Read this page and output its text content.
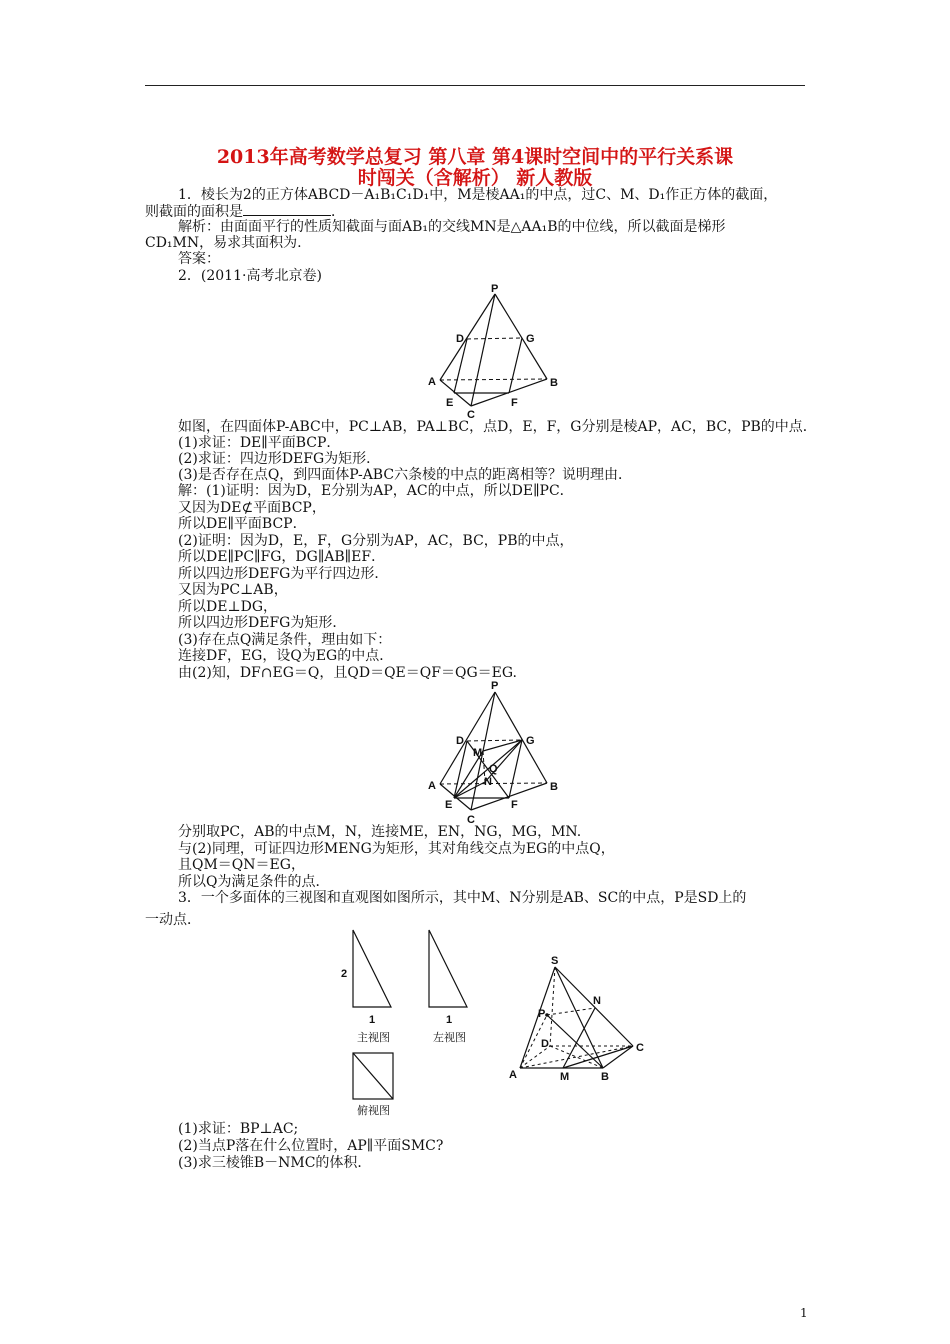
2013年高考数学总复习 第八章 第4课时空间中的平行关系课
时闯关（含解析） 新人教版
1．棱长为2的正方体ABCD－A₁B₁C₁D₁中，M是棱AA₁的中点，过C、M、D₁作正方体的截面，
则截面的面积是	．
解析：由面面平行的性质知截面与面AB₁的交线MN是△AA₁B的中位线，所以截面是梯形
CD₁MN，易求其面积为.
答案：
2．(2011·高考北京卷)
P
D	G
A	B
E	F
C
如图，在四面体P-ABC中，PC⊥AB，PA⊥BC，点D，E，F，G分别是棱AP，AC，BC，PB的中点．
(1)求证：DE∥平面BCP．
(2)求证：四边形DEFG为矩形．
(3)是否存在点Q，到四面体P-ABC六条棱的中点的距离相等？说明理由．
解：(1)证明：因为D，E分别为AP，AC的中点，所以DE∥PC．
又因为DE⊄平面BCP，
所以DE∥平面BCP．
(2)证明：因为D，E，F，G分别为AP，AC，BC，PB的中点，
所以DE∥PC∥FG，DG∥AB∥EF．
所以四边形DEFG为平行四边形．
又因为PC⊥AB，
所以DE⊥DG，
所以四边形DEFG为矩形．
(3)存在点Q满足条件，理由如下：
连接DF，EG，设Q为EG的中点．
由(2)知，DF∩EG＝Q，且QD＝QE＝QF＝QG＝EG.
P
D	G
M
Q
N
A	B
E	F
C
分别取PC，AB的中点M，N，连接ME，EN，NG，MG，MN.
与(2)同理，可证四边形MENG为矩形，其对角线交点为EG的中点Q，
且QM＝QN＝EG，
所以Q为满足条件的点．
3．一个多面体的三视图和直观图如图所示，其中M、N分别是AB、SC的中点，P是SD上的
一动点．
2
1
主视图
1
左视图
俯视图
S
N
P
D	C
A	M	B
(1)求证：BP⊥AC;
(2)当点P落在什么位置时，AP∥平面SMC?
(3)求三棱锥B－NMC的体积．
1
